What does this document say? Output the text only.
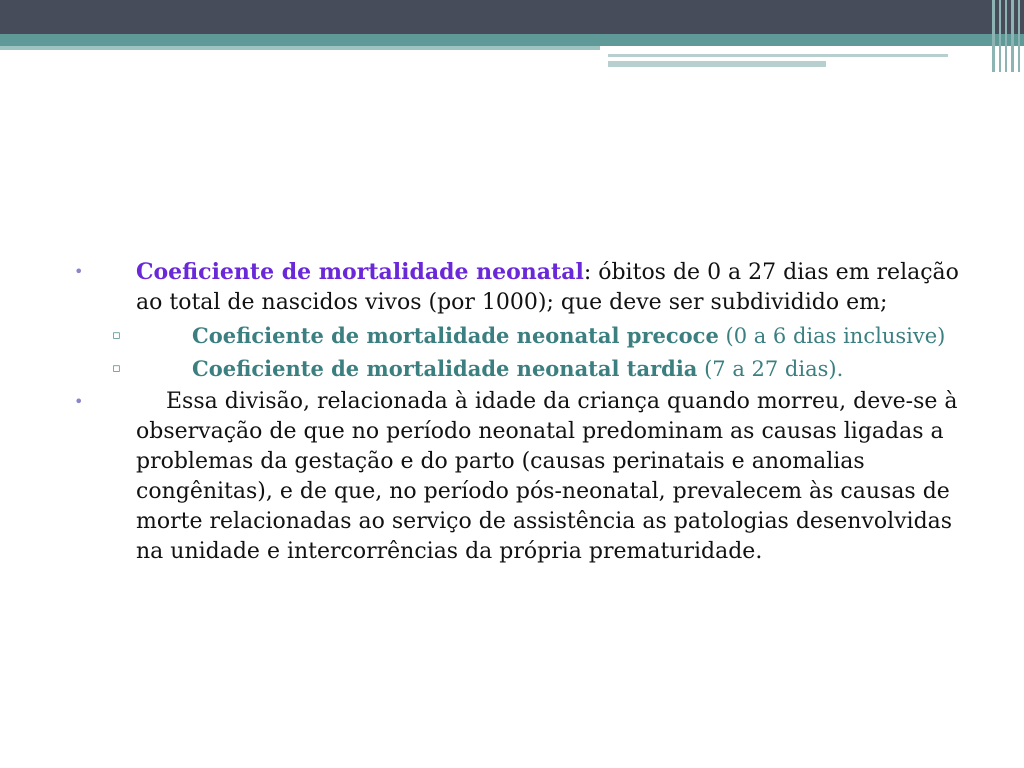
• Coeficiente de mortalidade neonatal: óbitos de 0 a 27 dias em relação ao total de nascidos vivos (por 1000); que deve ser subdividido em;
▫	Coeficiente de mortalidade neonatal precoce (0 a 6 dias inclusive)
▫	Coeficiente de mortalidade neonatal tardia (7 a 27 dias).
•	Essa divisão, relacionada à idade da criança quando morreu, deve-se à observação de que no período neonatal predominam as causas ligadas a problemas da gestação e do parto (causas perinatais e anomalias congênitas), e de que, no período pós-neonatal, prevalecem às causas de morte relacionadas ao serviço de assistência as patologias desenvolvidas na unidade e intercorrências da própria prematuridade.
